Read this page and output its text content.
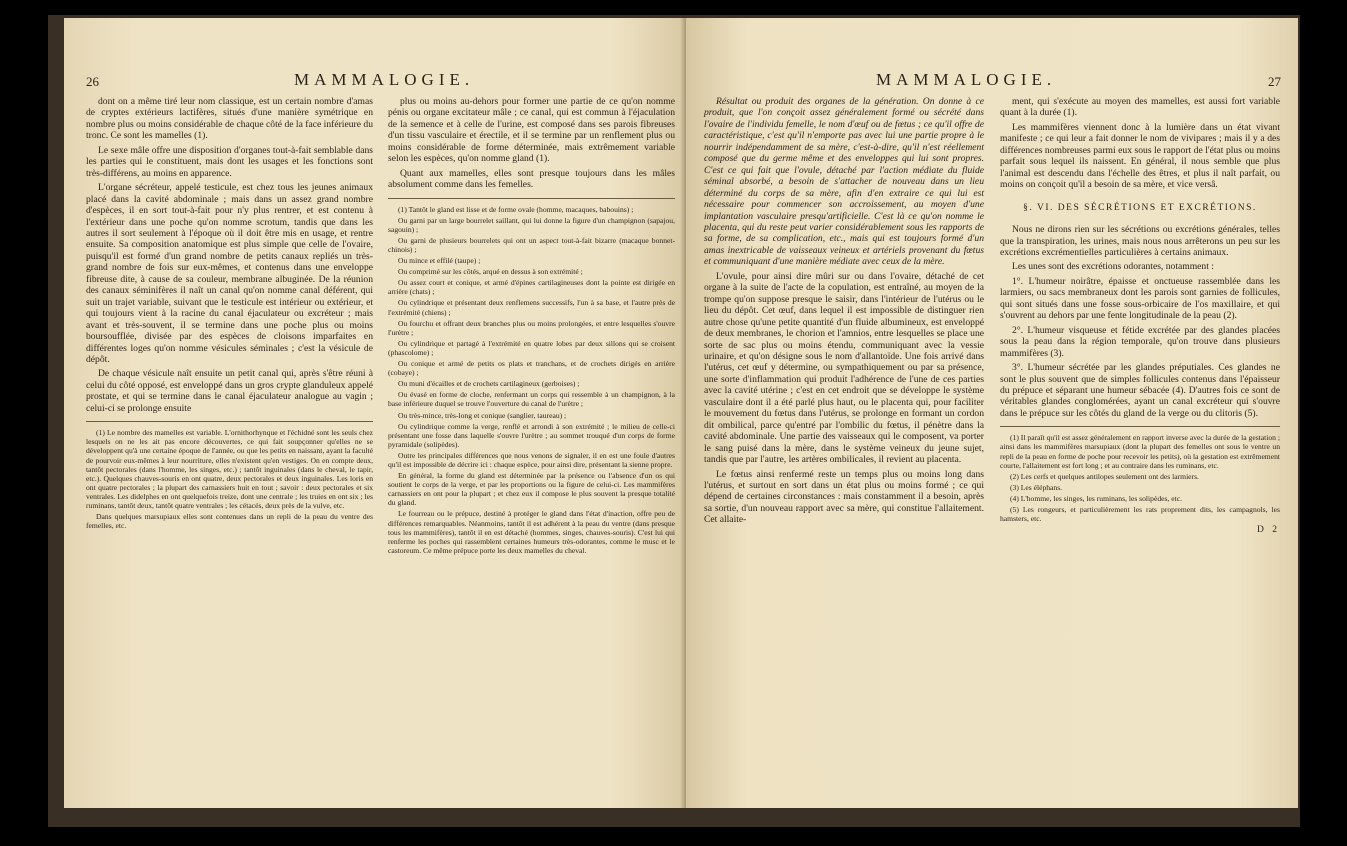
26	MAMMALOGIE.

dont on a même tiré leur nom classique, est un certain nombre d'amas de cryptes extérieurs lactifères, situés d'une manière symétrique en nombre plus ou moins considérable de chaque côté de la face inférieure du tronc. Ce sont les mamelles (1).

Le sexe mâle offre une disposition d'organes tout-à-fait semblable dans les parties qui le constituent, mais dont les usages et les fonctions sont très-différens, au moins en apparence.

L'organe sécréteur, appelé testicule, est chez tous les jeunes animaux placé dans la cavité abdominale ; mais dans un assez grand nombre d'espèces, il en sort tout-à-fait pour n'y plus rentrer, et est contenu à l'extérieur dans une poche qu'on nomme scrotum, tandis que dans les autres il sort seulement à l'époque où il doit être mis en usage, et rentre ensuite. Sa composition anatomique est plus simple que celle de l'ovaire, puisqu'il est formé d'un grand nombre de petits canaux repliés un très-grand nombre de fois sur eux-mêmes, et contenus dans une enveloppe fibreuse dite, à cause de sa couleur, membrane albuginée. De la réunion des canaux séminifères il naît un canal qu'on nomme canal déférent, qui suit un trajet variable, suivant que le testicule est intérieur ou extérieur, et qui toujours vient à la racine du canal éjaculateur ou excréteur ; mais avant et très-souvent, il se termine dans une poche plus ou moins boursoufflée, divisée par des espèces de cloisons imparfaites en différentes loges qu'on nomme vésicules séminales ; c'est la vésicule de dépôt.

De chaque vésicule naît ensuite un petit canal qui, après s'être réuni à celui du côté opposé, est enveloppé dans un gros crypte glanduleux appelé prostate, et qui se termine dans le canal éjaculateur analogue au vagin ; celui-ci se prolonge ensuite

(1) Le nombre des mamelles est variable. L'ornithorhynque et l'échidné sont les seuls chez lesquels on ne les ait pas encore découvertes, ce qui fait soupçonner qu'elles ne se développent qu'à une certaine époque de l'année, ou que les petits en naissant, ayant la faculté de pourvoir eux-mêmes à leur nourriture, elles n'existent qu'en vestiges. On en compte deux, tantôt pectorales (dans l'homme, les singes, etc.) ; tantôt inguinales (dans le cheval, le tapir, etc.). Quelques chauves-souris en ont quatre, deux pectorales et deux inguinales. Les loris en ont quatre pectorales ; la plupart des carnassiers huit en tout ; savoir : deux pectorales et six ventrales. Les didelphes en ont quelquefois treize, dont une centrale ; les truies en ont six ; les ruminans, tantôt deux, tantôt quatre ventrales ; les cétacés, deux près de la vulve, etc.

Dans quelques marsupiaux elles sont contenues dans un repli de la peau du ventre des femelles, etc.

plus ou moins au-dehors pour former une partie de ce qu'on nomme pénis ou organe excitateur mâle ; ce canal, qui est commun à l'éjaculation de la semence et à celle de l'urine, est composé dans ses parois fibreuses d'un tissu vasculaire et érectile, et il se termine par un renflement plus ou moins considérable de forme déterminée, mais extrêmement variable selon les espèces, qu'on nomme gland (1).

Quant aux mamelles, elles sont presque toujours dans les mâles absolument comme dans les femelles.

(1) Tantôt le gland est lisse et de forme ovale (homme, macaques, babouins) ;

Ou garni par un large bourrelet saillant, qui lui donne la figure d'un champignon (sapajou, sagouin) ;

Ou garni de plusieurs bourrelets qui ont un aspect tout-à-fait bizarre (macaque bonnet-chinois) ;

Ou mince et effilé (taupe) ;

Ou comprimé sur les côtés, arqué en dessus à son extrémité ;

Ou assez court et conique, et armé d'épines cartilagineuses dont la pointe est dirigée en arrière (chats) ;

Ou cylindrique et présentant deux renflemens successifs, l'un à sa base, et l'autre près de l'extrémité (chiens) ;

Ou fourchu et offrant deux branches plus ou moins prolongées, et entre lesquelles s'ouvre l'urètre ;

Ou cylindrique et partagé à l'extrémité en quatre lobes par deux sillons qui se croisent (phascolome) ;

Ou conique et armé de petits os plats et tranchans, et de crochets dirigés en arrière (cobaye) ;

Ou muni d'écailles et de crochets cartilagineux (gerboises) ;

Ou évasé en forme de cloche, renfermant un corps qui ressemble à un champignon, à la base inférieure duquel se trouve l'ouverture du canal de l'urètre ;

Ou très-mince, très-long et conique (sanglier, taureau) ;

Ou cylindrique comme la verge, renflé et arrondi à son extrémité ; le milieu de celle-ci présentant une fosse dans laquelle s'ouvre l'urètre ; au sommet trouqué d'un corps de forme pyramidale (solipèdes).

Outre les principales différences que nous venons de signaler, il en est une foule d'autres qu'il est impossible de décrire ici : chaque espèce, pour ainsi dire, présentant la sienne propre.

En général, la forme du gland est déterminée par la présence ou l'absence d'un os qui soutient le corps de la verge, et par les proportions ou la figure de celui-ci. Les mammifères carnassiers en ont pour la plupart ; et chez eux il compose le plus souvent la presque totalité du gland.

Le fourreau ou le prépuce, destiné à protéger le gland dans l'état d'inaction, offre peu de différences remarquables. Néanmoins, tantôt il est adhérent à la peau du ventre (dans presque tous les mammifères), tantôt il en est détaché (hommes, singes, chauves-souris). C'est lui qui renferme les poches qui rassemblent certaines humeurs très-odorantes, comme le musc et le castoreum. Ce même prépuce porte les deux mamelles du cheval.

MAMMALOGIE.	27

Résultat ou produit des organes de la génération. On donne à ce produit, que l'on conçoit assez généralement formé ou sécrété dans l'ovaire de l'individu femelle, le nom d'œuf ou de fœtus ; ce qu'il offre de caractéristique, c'est qu'il n'emporte pas avec lui une partie propre à le nourrir indépendamment de sa mère, c'est-à-dire, qu'il n'est réellement composé que du germe même et des enveloppes qui lui sont propres. C'est ce qui fait que l'ovule, détaché par l'action médiate du fluide séminal absorbé, a besoin de s'attacher de nouveau dans un lieu déterminé du corps de sa mère, afin d'en extraire ce qui lui est nécessaire pour commencer son accroissement, au moyen d'une implantation vasculaire presqu'artificielle. C'est là ce qu'on nomme le placenta, qui du reste peut varier considérablement sous les rapports de sa forme, de sa complication, etc., mais qui est toujours formé d'un amas inextricable de vaisseaux veineux et artériels provenant du fœtus et communiquant d'une manière médiate avec ceux de la mère.

L'ovule, pour ainsi dire mûri sur ou dans l'ovaire, détaché de cet organe à la suite de l'acte de la copulation, est entraîné, au moyen de la trompe qu'on suppose presque le saisir, dans l'intérieur de l'utérus ou le lieu du dépôt. Cet œuf, dans lequel il est impossible de distinguer rien autre chose qu'une petite quantité d'un fluide albumineux, est enveloppé de deux membranes, le chorion et l'amnios, entre lesquelles se place une sorte de sac plus ou moins étendu, communiquant avec la vessie urinaire, et qu'on désigne sous le nom d'allantoïde. Une fois arrivé dans l'utérus, cet œuf y détermine, ou sympathiquement ou par sa présence, une sorte d'inflammation qui produit l'adhérence de l'une de ces parties avec la cavité utérine ; c'est en cet endroit que se développe le système vasculaire dont il a été parlé plus haut, ou le placenta qui, pour faciliter le mouvement du fœtus dans l'utérus, se prolonge en formant un cordon dit ombilical, parce qu'entré par l'ombilic du fœtus, il pénètre dans la cavité abdominale. Une partie des vaisseaux qui le composent, va porter le sang puisé dans la mère, dans le système veineux du jeune sujet, tandis que par l'autre, les artères ombilicales, il revient au placenta.

Le fœtus ainsi renfermé reste un temps plus ou moins long dans l'utérus, et surtout en sort dans un état plus ou moins formé ; ce qui dépend de certaines circonstances : mais constamment il a besoin, après sa sortie, d'un nouveau rapport avec sa mère, qui constitue l'allaitement. Cet allaite-

ment, qui s'exécute au moyen des mamelles, est aussi fort variable quant à la durée (1).

Les mammifères viennent donc à la lumière dans un état vivant manifeste ; ce qui leur a fait donner le nom de vivipares ; mais il y a des différences nombreuses parmi eux sous le rapport de l'état plus ou moins parfait sous lequel ils naissent. En général, il nous semble que plus l'animal est descendu dans l'échelle des êtres, et plus il naît parfait, ou moins on conçoit qu'il a besoin de sa mère, et vice versâ.

§. VI. DES SÉCRÉTIONS ET EXCRÉTIONS.

Nous ne dirons rien sur les sécrétions ou excrétions générales, telles que la transpiration, les urines, mais nous nous arrêterons un peu sur les excrétions excrémentielles particulières à certains animaux.

Les unes sont des excrétions odorantes, notamment :

1°. L'humeur noirâtre, épaisse et onctueuse rassemblée dans les larmiers, ou sacs membraneux dont les parois sont garnies de follicules, qui sont situés dans une fosse sous-orbicaire de l'os maxillaire, et qui s'ouvrent au dehors par une fente longitudinale de la peau (2).

2°. L'humeur visqueuse et fétide excrétée par des glandes placées sous la peau dans la région temporale, qu'on trouve dans plusieurs mammifères (3).

3°. L'humeur sécrétée par les glandes préputiales. Ces glandes ne sont le plus souvent que de simples follicules contenus dans l'épaisseur du prépuce et séparant une humeur sébacée (4). D'autres fois ce sont de véritables glandes conglomérées, ayant un canal excréteur qui s'ouvre dans le prépuce sur les côtés du gland de la verge ou du clitoris (5).

(1) Il paraît qu'il est assez généralement en rapport inverse avec la durée de la gestation ; ainsi dans les mammifères marsupiaux (dont la plupart des femelles ont sous le ventre un repli de la peau en forme de poche pour recevoir les petits), où la gestation est extrêmement courte, l'allaitement est fort long ; et au contraire dans les ruminans, etc.

(2) Les cerfs et quelques antilopes seulement ont des larmiers.

(3) Les éléphans.

(4) L'homme, les singes, les ruminans, les solipèdes, etc.

(5) Les rongeurs, et particulièrement les rats proprement dits, les campagnols, les hamsters, etc.

D 2
